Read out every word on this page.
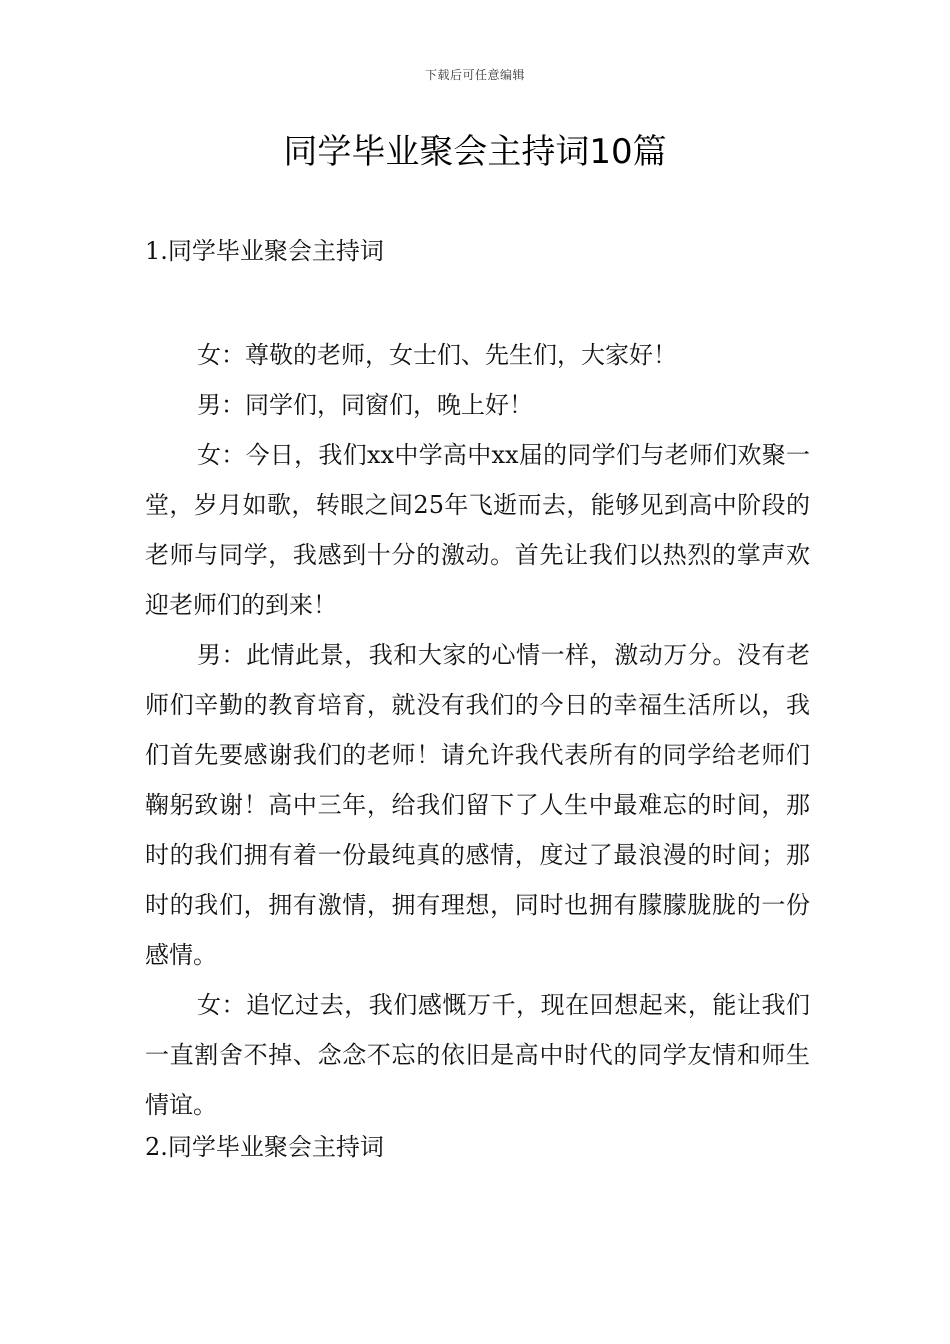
下载后可任意编辑
同学毕业聚会主持词10篇
1.同学毕业聚会主持词

女：尊敬的老师，女士们、先生们，大家好！

男：同学们，同窗们，晚上好！

女：今日，我们xx中学高中xx届的同学们与老师们欢聚一堂，岁月如歌，转眼之间25年飞逝而去，能够见到高中阶段的老师与同学，我感到十分的激动。首先让我们以热烈的掌声欢迎老师们的到来！

男：此情此景，我和大家的心情一样，激动万分。没有老师们辛勤的教育培育，就没有我们的今日的幸福生活所以，我们首先要感谢我们的老师！请允许我代表所有的同学给老师们鞠躬致谢！高中三年，给我们留下了人生中最难忘的时间，那时的我们拥有着一份最纯真的感情，度过了最浪漫的时间；那时的我们，拥有激情，拥有理想，同时也拥有朦朦胧胧的一份感情。

女：追忆过去，我们感慨万千，现在回想起来，能让我们一直割舍不掉、念念不忘的依旧是高中时代的同学友情和师生情谊。

2.同学毕业聚会主持词
